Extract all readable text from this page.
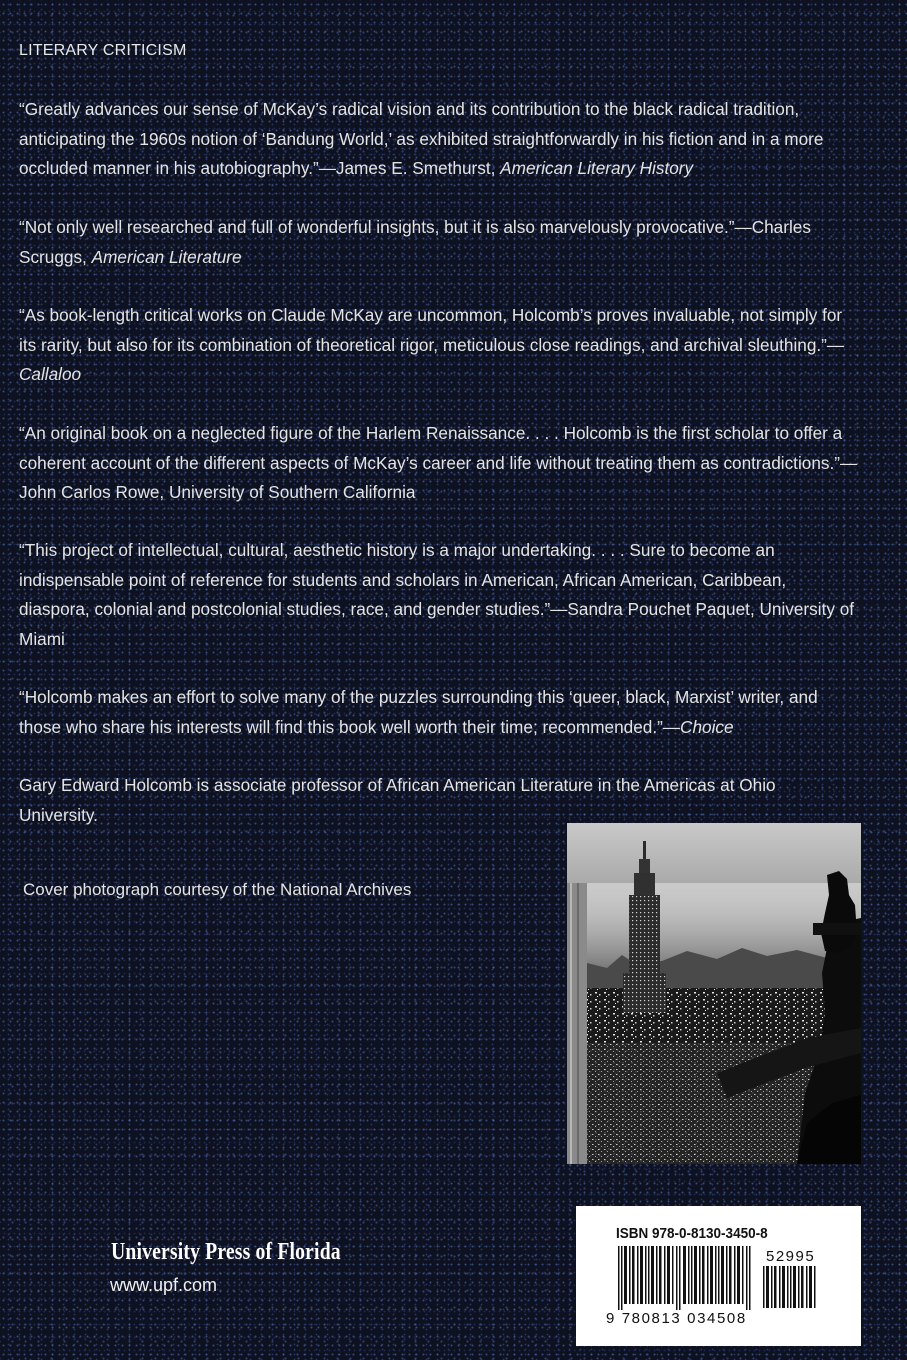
LITERARY CRITICISM

“Greatly advances our sense of McKay’s radical vision and its contribution to the black radical tradition, anticipating the 1960s notion of ‘Bandung World,’ as exhibited straightforwardly in his fiction and in a more occluded manner in his autobiography.”—James E. Smethurst, American Literary History

“Not only well researched and full of wonderful insights, but it is also marvelously provocative.”—Charles Scruggs, American Literature

“As book-length critical works on Claude McKay are uncommon, Holcomb’s proves invaluable, not simply for its rarity, but also for its combination of theoretical rigor, meticulous close readings, and archival sleuthing.”—Callaloo

“An original book on a neglected figure of the Harlem Renaissance. . . . Holcomb is the first scholar to offer a coherent account of the different aspects of McKay’s career and life without treating them as contradictions.”—John Carlos Rowe, University of Southern California

“This project of intellectual, cultural, aesthetic history is a major undertaking. . . . Sure to become an indispensable point of reference for students and scholars in American, African American, Caribbean, diaspora, colonial and postcolonial studies, race, and gender studies.”—Sandra Pouchet Paquet, University of Miami

“Holcomb makes an effort to solve many of the puzzles surrounding this ‘queer, black, Marxist’ writer, and those who share his interests will find this book well worth their time; recommended.”—Choice

Gary Edward Holcomb is associate professor of African American Literature in the Americas at Ohio University.
Cover photograph courtesy of the National Archives
University Press of Florida
www.upf.com
ISBN 978-0-8130-3450-8
52995
9 780813 034508
